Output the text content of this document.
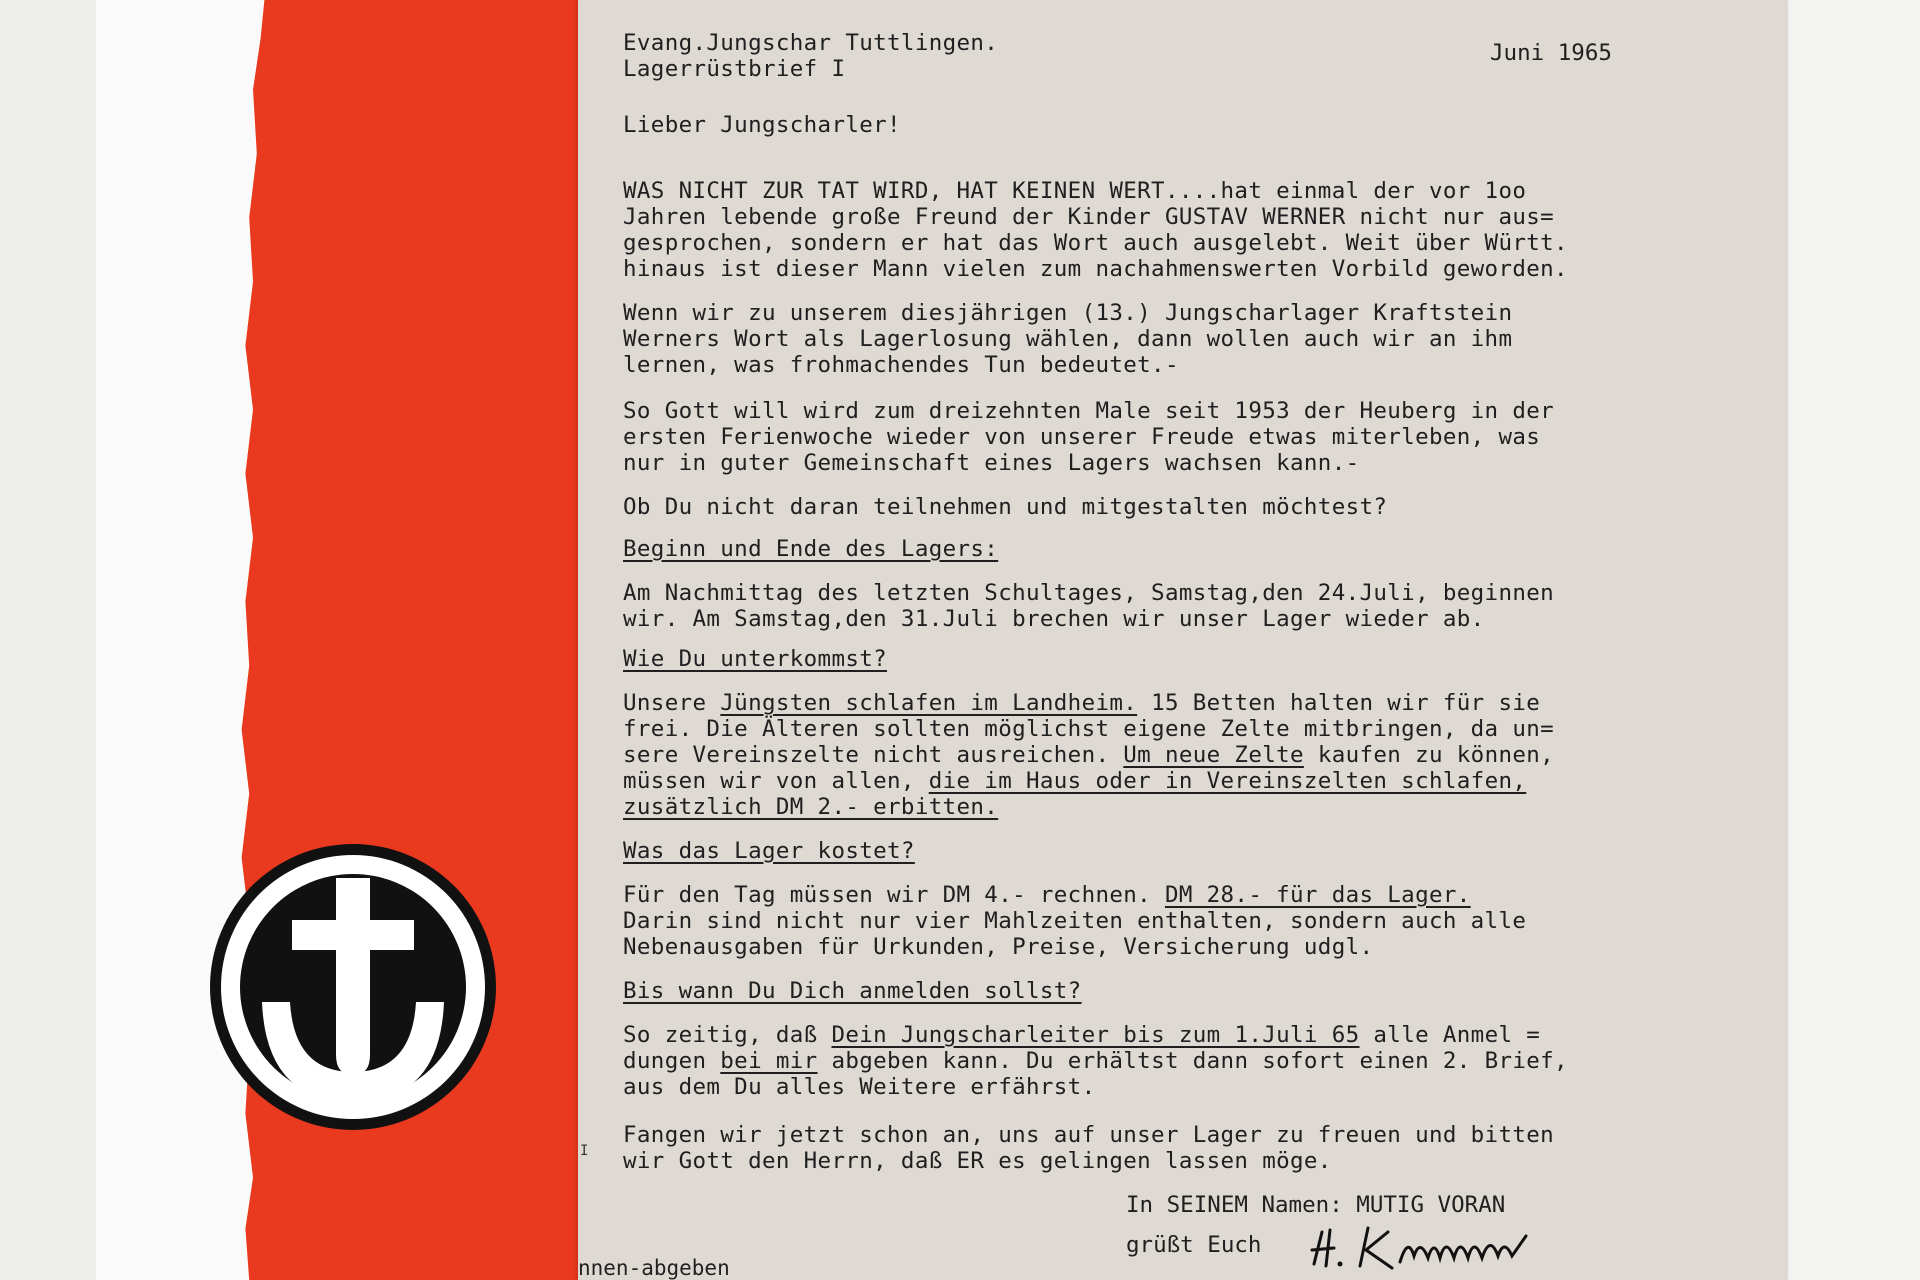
Evang.Jungschar Tuttlingen.
Lagerrüstbrief I
Juni 1965
Lieber Jungscharler!
WAS NICHT ZUR TAT WIRD, HAT KEINEN WERT....hat einmal der vor 1oo
Jahren lebende große Freund der Kinder GUSTAV WERNER nicht nur aus=
gesprochen, sondern er hat das Wort auch ausgelebt. Weit über Württ.
hinaus ist dieser Mann vielen zum nachahmenswerten Vorbild geworden.
Wenn wir zu unserem diesjährigen (13.) Jungscharlager Kraftstein
Werners Wort als Lagerlosung wählen, dann wollen auch wir an ihm
lernen, was frohmachendes Tun bedeutet.-
So Gott will wird zum dreizehnten Male seit 1953 der Heuberg in der
ersten Ferienwoche wieder von unserer Freude etwas miterleben, was
nur in guter Gemeinschaft eines Lagers wachsen kann.-
Ob Du nicht daran teilnehmen und mitgestalten möchtest?
Beginn und Ende des Lagers:
Am Nachmittag des letzten Schultages, Samstag,den 24.Juli, beginnen
wir. Am Samstag,den 31.Juli brechen wir unser Lager wieder ab.
Wie Du unterkommst?
Unsere Jüngsten schlafen im Landheim. 15 Betten halten wir für sie
frei. Die Älteren sollten möglichst eigene Zelte mitbringen, da un=
sere Vereinszelte nicht ausreichen. Um neue Zelte kaufen zu können,
müssen wir von allen, die im Haus oder in Vereinszelten schlafen,
zusätzlich DM 2.- erbitten.
Was das Lager kostet?
Für den Tag müssen wir DM 4.- rechnen. DM 28.- für das Lager.
Darin sind nicht nur vier Mahlzeiten enthalten, sondern auch alle
Nebenausgaben für Urkunden, Preise, Versicherung udgl.
Bis wann Du Dich anmelden sollst?
So zeitig, daß Dein Jungscharleiter bis zum 1.Juli 65 alle Anmel =
dungen bei mir abgeben kann. Du erhältst dann sofort einen 2. Brief,
aus dem Du alles Weitere erfährst.
Fangen wir jetzt schon an, uns auf unser Lager zu freuen und bitten
wir Gott den Herrn, daß ER es gelingen lassen möge.
In SEINEM Namen: MUTIG VORAN
grüßt Euch
I
nnen-abgeben
